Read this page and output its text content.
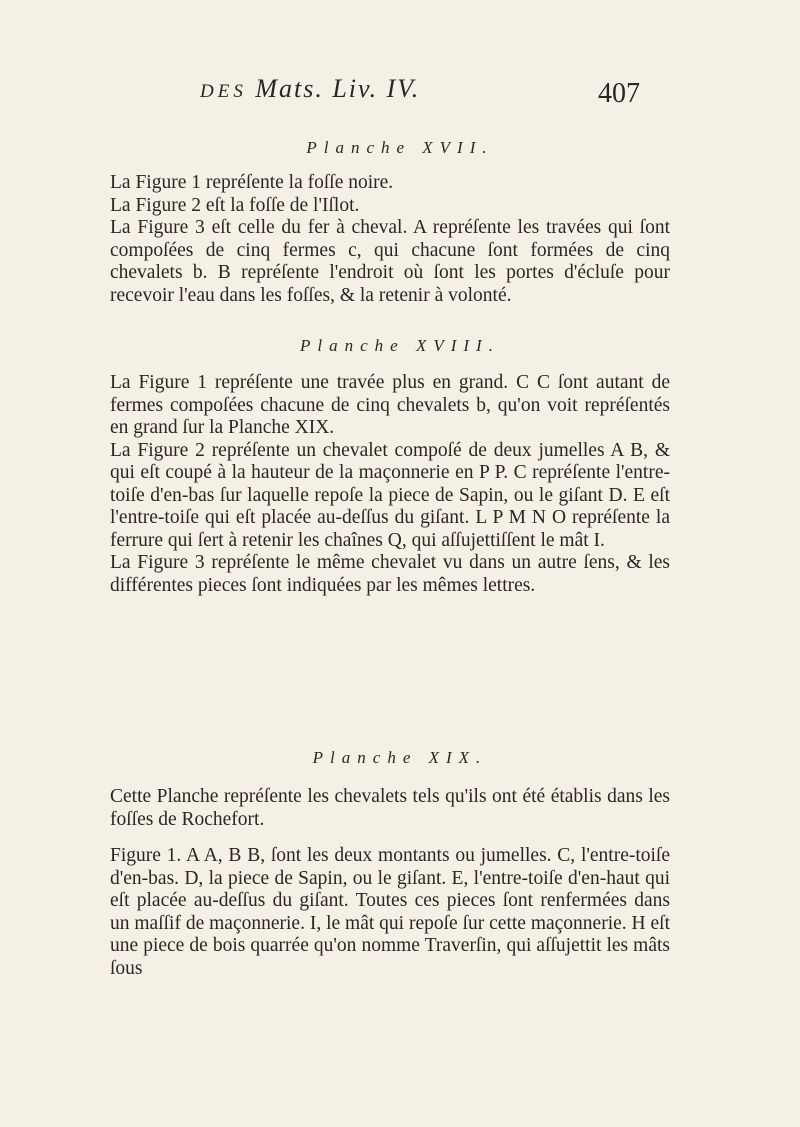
DES Mats. Liv. IV.	407
Planche XVII.

La Figure 1 repréſente la foſſe noire.

La Figure 2 eſt la foſſe de l'Iſlot.

La Figure 3 eſt celle du fer à cheval. A repréſente les travées qui ſont compoſées de cinq fermes c, qui chacune ſont formées de cinq chevalets b. B repréſente l'endroit où ſont les portes d'écluſe pour recevoir l'eau dans les foſſes, & la retenir à volonté.

Planche XVIII.

La Figure 1 repréſente une travée plus en grand. C C ſont autant de fermes compoſées chacune de cinq chevalets b, qu'on voit repréſentés en grand ſur la Planche XIX.

La Figure 2 repréſente un chevalet compoſé de deux jumelles A B, & qui eſt coupé à la hauteur de la maçonnerie en P P. C repréſente l'entre-toiſe d'en-bas ſur laquelle repoſe la piece de Sapin, ou le giſant D. E eſt l'entre-toiſe qui eſt placée au-deſſus du giſant. L P M N O repréſente la ferrure qui ſert à retenir les chaînes Q, qui aſſujettiſſent le mât I.

La Figure 3 repréſente le même chevalet vu dans un autre ſens, & les différentes pieces ſont indiquées par les mêmes lettres.

Planche XIX.

Cette Planche repréſente les chevalets tels qu'ils ont été établis dans les foſſes de Rochefort.

Figure 1. A A, B B, ſont les deux montants ou jumelles. C, l'entre-toiſe d'en-bas. D, la piece de Sapin, ou le giſant. E, l'entre-toiſe d'en-haut qui eſt placée au-deſſus du giſant. Toutes ces pieces ſont renfermées dans un maſſif de maçonnerie. I, le mât qui repoſe ſur cette maçonnerie. H eſt une piece de bois quarrée qu'on nomme Traverſin, qui aſſujettit les mâts ſous
